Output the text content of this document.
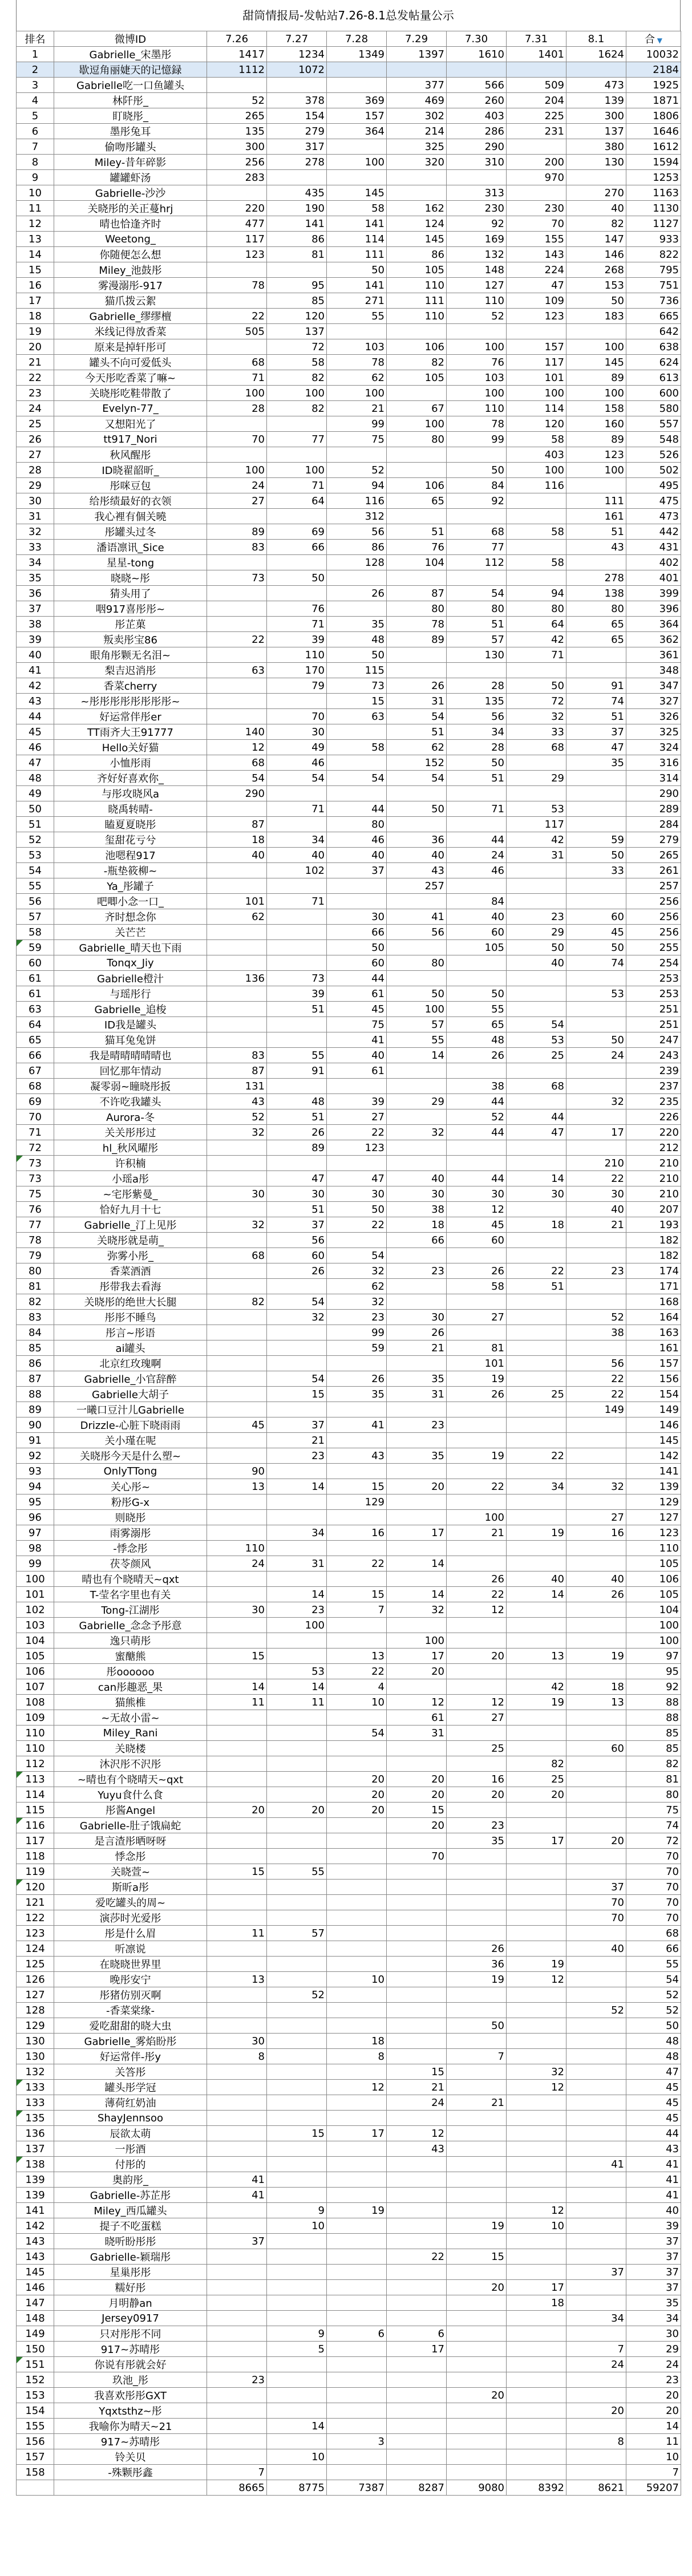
甜筒情报局-发帖站7.26-8.1总发帖量公示
排名	微博ID	7.26	7.27	7.28	7.29	7.30	7.31	8.1	合 ▼
1	Gabrielle_宋墨彤	1417	1234	1349	1397	1610	1401	1624	10032
2	歇逗角丽婕天的记憶録	1112	1072						2184
3	Gabrielle吃一口鱼罐头				377	566	509	473	1925
4	林阡彤_	52	378	369	469	260	204	139	1871
5	盯晓彤_	265	154	157	302	403	225	300	1806
6	墨彤兔耳	135	279	364	214	286	231	137	1646
7	偷吻彤罐头	300	317		325	290		380	1612
8	Miley-昔年碎影	256	278	100	320	310	200	130	1594
9	罐罐虾汤	283					970		1253
10	Gabrielle-沙沙		435	145		313		270	1163
11	关晓彤的关正蔓hrj	220	190	58	162	230	230	40	1130
12	晴也恰逢齐时	477	141	141	124	92	70	82	1127
13	Weetong_	117	86	114	145	169	155	147	933
14	你随便怎么想	123	81	111	86	132	143	146	822
15	Miley_池鼓彤			50	105	148	224	268	795
16	雾漫溺彤-917	78	95	141	110	127	47	153	751
17	猫爪拨云絮		85	271	111	110	109	50	736
18	Gabrielle_缪缪檀	22	120	55	110	52	123	183	665
19	米线记得放香菜	505	137						642
20	原来是掉轩彤可		72	103	106	100	157	100	638
21	罐头不向可爱低头	68	58	78	82	76	117	145	624
22	今天彤吃香菜了嘛~	71	82	62	105	103	101	89	613
23	关晓彤吃鞋带散了	100	100	100		100	100	100	600
24	Evelyn-77_	28	82	21	67	110	114	158	580
25	又想阳光了			99	100	78	120	160	557
26	tt917_Nori	70	77	75	80	99	58	89	548
27	秋风醒彤						403	123	526
28	ID晓翟韶昕_	100	100	52		50	100	100	502
29	彤咪豆包	24	71	94	106	84	116		495
30	给彤绩最好的衣领	27	64	116	65	92		111	475
31	我心裡有個关曉			312				161	473
32	彤罐头过冬	89	69	56	51	68	58	51	442
33	潘语凛讯_Sice	83	66	86	76	77		43	431
34	星星-tong			128	104	112	58		402
35	晓晓~彤	73	50					278	401
36	猜头用了			26	87	54	94	138	399
37	咽917喜彤彤~		76		80	80	80	80	396
38	彤芷菓		71	35	78	51	64	65	364
39	叛卖彤宝86	22	39	48	89	57	42	65	362
40	眼角彤颗无名泪~		110	50		130	71		361
41	梨吉迟消彤	63	170	115					348
42	香菜cherry		79	73	26	28	50	91	347
43	~彤彤彤彤彤彤彤彤~			15	31	135	72	74	327
44	好运常伴彤er		70	63	54	56	32	51	326
45	TT雨齐大王91777	140	30		51	34	33	37	325
46	Hello关好猫	12	49	58	62	28	68	47	324
47	小恤彤雨	68	46		152	50		35	316
48	齐好好喜欢你_	54	54	54	54	51	29		314
49	与彤攻晓风a	290							290
50	晓禹转晴-		71	44	50	71	53		289
51	瞌夏夏晓彤	87		80			117		284
52	玺甜花亏兮	18	34	46	36	44	42	59	279
53	池嗯程917	40	40	40	40	24	31	50	265
54	-瓶垫筱柳~		102	37	43	46		33	261
55	Ya_彤罐子				257				257
56	吧唧小念一口_	101	71			84			256
57	齐时想念你	62		30	41	40	23	60	256
58	关芒芒			66	56	60	29	45	256

59	Gabrielle_晴天也下雨			50		105	50	50	255
60	Tonqx_Jiy			60	80		40	74	254
61	Gabrielle橙汁	136	73	44					253
61	与瑶彤行		39	61	50	50		53	253
63	Gabrielle_追梭		51	45	100	55			251
64	ID我是罐头			75	57	65	54		251
65	猫耳兔兔饼			41	55	48	53	50	247
66	我是晴晴晴晴晴也	83	55	40	14	26	25	24	243
67	回忆那年情动	87	91	61					239
68	凝零弱~瞳晓彤扳	131				38	68		237
69	不许吃我罐头	43	48	39	29	44		32	235
70	Aurora-冬	52	51	27		52	44		226
71	关关彤彤过	32	26	22	32	44	47	17	220
72	hl_秋风曜彤		89	123					212

73	许积楠							210	210
73	小瑶a彤		47	47	40	44	14	22	210
75	~宅彤紫曼_	30	30	30	30	30	30	30	210
76	恰好九月十七		51	50	38	12		40	207
77	Gabrielle_汀上见彤	32	37	22	18	45	18	21	193
78	关晓彤就是萌_		56		66	60			182
79	弥雾小彤_	68	60	54					182
80	香菜酒酒		26	32	23	26	22	23	174
81	彤带我去看海			62		58	51		171
82	关晓彤的绝世大长腿	82	54	32					168
83	彤彤不睡鸟		32	23	30	27		52	164
84	彤言~彤语			99	26			38	163
85	ai罐头			59	21	81			161
86	北京红玫瑰啊					101		56	157
87	Gabrielle_小官辞醉		54	26	35	19		22	156
88	Gabrielle大胡子		15	35	31	26	25	22	154
89	一曦口豆汁儿Gabrielle							149	149
90	Drizzle-心脏下晓雨雨	45	37	41	23				146
91	关小瑾在呢		21						145
92	关晓彤今天是什么塑~		23	43	35	19	22		142
93	OnlyTTong	90							141
94	关心彤~	13	14	15	20	22	34	32	139
95	粉彤G-x			129					129
96	则晓彤					100		27	127
97	雨雾溺彤		34	16	17	21	19	16	123
98	-悸念彤	110							110
99	茯苓颜风	24	31	22	14				105
100	晴也有个晓晴天~qxt					26	40	40	106
101	T-莹名字里也有关		14	15	14	22	14	26	105
102	Tong-江湖彤	30	23	7	32	12			104
103	Gabrielle_念念予彤意		100						100
104	逸只萌彤				100				100
105	蜜醣熊	15		13	17	20	13	19	97
106	彤oooooo		53	22	20				95
107	can彤趣恶_果	14	14	4			42	18	92
108	猫熊椎	11	11	10	12	12	19	13	88
109	~无故小雷~				61	27			88
110	Miley_Rani			54	31				85
110	关晓楼					25		60	85
112	沐沢彤不沢彤						82		82

113	~晴也有个晓晴天~qxt			20	20	16	25		81
114	Yuyu食什么食			20	20	20	20		80
115	彤酱Angel	20	20	20	15				75

116	Gabrielle-肚子饿扁蛇				20	23			74
117	是言渣彤晒呀呀					35	17	20	72
118	悸念彤				70				70
119	关晓萱~	15	55						70

120	斯昕a彤							37	70
121	爱吃罐头的周~							70	70
122	演莎时光爱彤							70	70
123	彤是什么眉	11	57						68
124	听凛说					26		40	66
125	在晓晓世界里					36	19		55
126	晚彤安宁	13		10		19	12		54
127	彤猪仿别灭啊		52						52
128	-香菜棠缘-							52	52
129	爱吃甜甜的晓大虫					50			50
130	Gabrielle_雾焰盼彤	30		18					48
130	好运常伴-彤y	8		8		7			48
132	关答彤				15		32		47

133	罐头彤学冠			12	21		12		45
133	薄荷红奶油				24	21			45

135	ShayJennsoo								45
136	辰欲太萌		15	17	12				44
137	一彤酒				43				43

138	付彤的							41	41
139	奥韵彤_	41							41
139	Gabrielle-苏芷彤	41							41
141	Miley_西瓜罐头		9	19			12		40
142	提子不吃蛋糕		10			19	10		39
143	晓听盼彤彤	37							37
143	Gabrielle-颖瑞彤				22	15			37
145	星巢彤彤							37	37
146	糯好彤					20	17		37
147	月明静an						18		35
148	Jersey0917							34	34
149	只对彤彤不同		9	6	6				30
150	917~苏晴彤		5		17			7	29

151	你说有彤就会好							24	24
152	玖池_彤	23							23
153	我喜欢彤彤GXT					20			20
154	Yqxtsthz~彤							20	20
155	我喻你为晴天~21		14						14
156	917~苏晴彤			3				8	11
157	铃关贝		10						10
158	-殊颗彤鑫	7							7
		8665	8775	7387	8287	9080	8392	8621	59207
